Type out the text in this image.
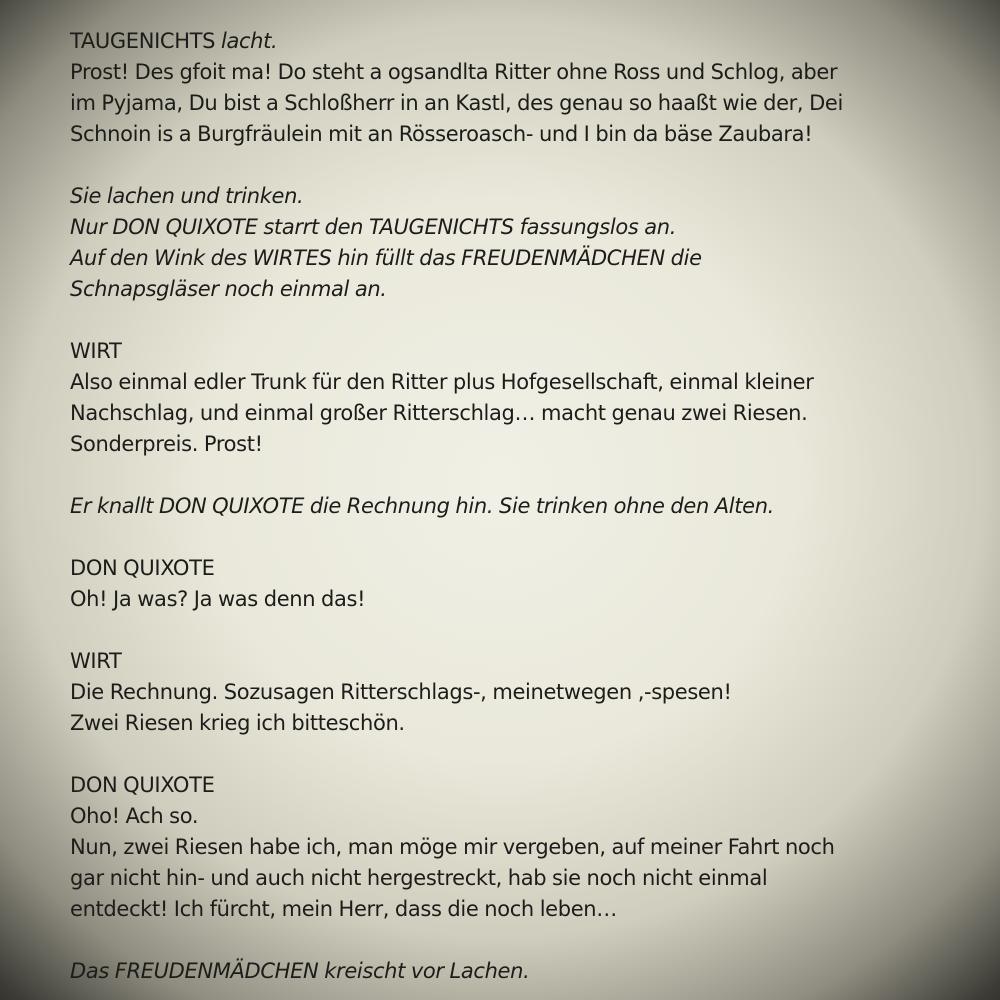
TAUGENICHTS lacht.
Prost! Des gfoit ma! Do steht a ogsandlta Ritter ohne Ross und Schlog, aber
im Pyjama, Du bist a Schloßherr in an Kastl, des genau so haaßt wie der, Dei
Schnoin is a Burgfräulein mit an Rösseroasch- und I bin da bäse Zaubara!
Sie lachen und trinken.
Nur DON QUIXOTE starrt den TAUGENICHTS fassungslos an.
Auf den Wink des WIRTES hin füllt das FREUDENMÄDCHEN die
Schnapsgläser noch einmal an.
WIRT
Also einmal edler Trunk für den Ritter plus Hofgesellschaft, einmal kleiner
Nachschlag, und einmal großer Ritterschlag… macht genau zwei Riesen.
Sonderpreis. Prost!
Er knallt DON QUIXOTE die Rechnung hin. Sie trinken ohne den Alten.
DON QUIXOTE
Oh! Ja was? Ja was denn das!
WIRT
Die Rechnung. Sozusagen Ritterschlags-, meinetwegen ‚-spesen!
Zwei Riesen krieg ich bitteschön.
DON QUIXOTE
Oho! Ach so.
Nun, zwei Riesen habe ich, man möge mir vergeben, auf meiner Fahrt noch
gar nicht hin- und auch nicht hergestreckt, hab sie noch nicht einmal
entdeckt! Ich fürcht, mein Herr, dass die noch leben…
Das FREUDENMÄDCHEN kreischt vor Lachen.
